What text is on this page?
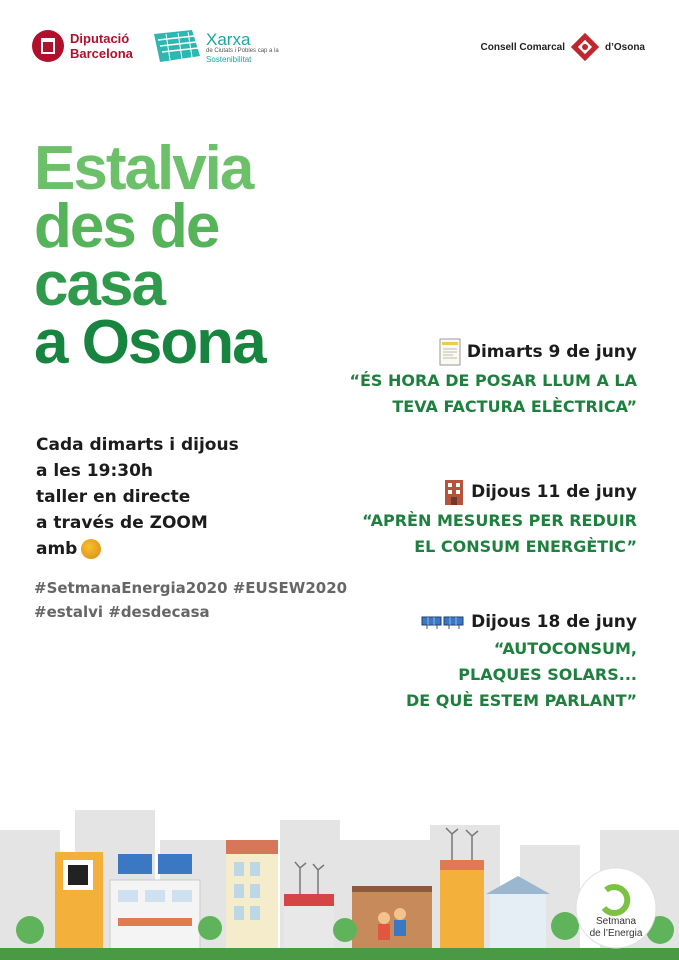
Diputació
Barcelona
Xarxa
de Ciutats i Pobles cap a la
Sostenibilitat
Consell Comarcal	d’Osona
Estalvia
des de
casa
a Osona
Cada dimarts i dijous
a les 19:30h
taller en directe
a través de ZOOM
amb
#SetmanaEnergia2020 #EUSEW2020
#estalvi #desdecasa
Dimarts 9 de juny
“ÉS HORA DE POSAR LLUM A LA
TEVA FACTURA ELÈCTRICA”
Dijous 11 de juny
“APRÈN MESURES PER REDUIR
EL CONSUM ENERGÈTIC”
Dijous 18 de juny
“AUTOCONSUM,
PLAQUES SOLARS...
DE QUÈ ESTEM PARLANT”
Setmana
de l’Energia
